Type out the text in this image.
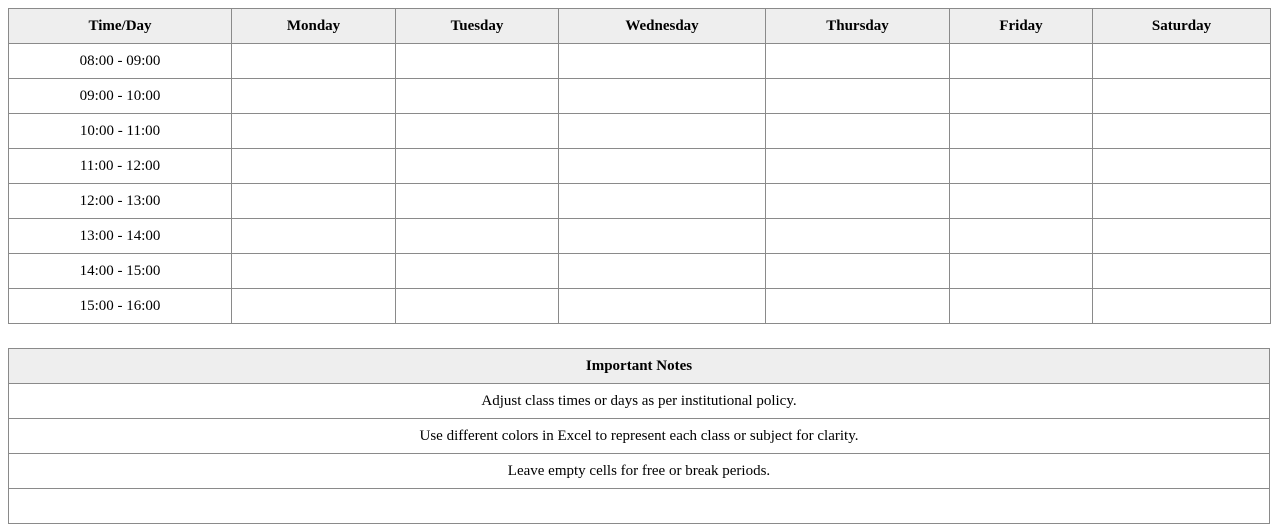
Time/Day	Monday	Tuesday	Wednesday	Thursday	Friday	Saturday
08:00 - 09:00						
09:00 - 10:00						
10:00 - 11:00						
11:00 - 12:00						
12:00 - 13:00						
13:00 - 14:00						
14:00 - 15:00						
15:00 - 16:00						
Important Notes
Adjust class times or days as per institutional policy.
Use different colors in Excel to represent each class or subject for clarity.
Leave empty cells for free or break periods.
